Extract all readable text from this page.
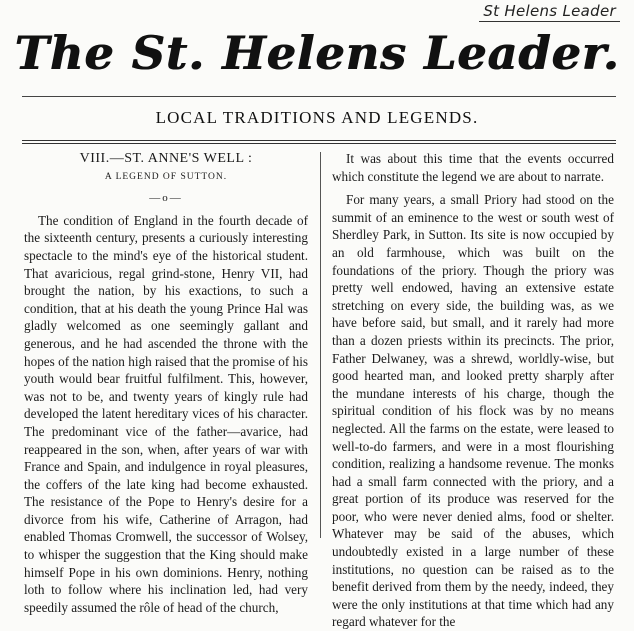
St Helens Leader
The St. Helens Leader.
LOCAL TRADITIONS AND LEGENDS.
VIII.—ST. ANNE'S WELL :
A LEGEND OF SUTTON.
—o—

The condition of England in the fourth decade of the sixteenth century, presents a curiously interesting spectacle to the mind's eye of the historical student. That avaricious, regal grind-stone, Henry VII, had brought the nation, by his exactions, to such a condition, that at his death the young Prince Hal was gladly welcomed as one seemingly gallant and generous, and he had ascended the throne with the hopes of the nation high raised that the promise of his youth would bear fruitful fulfilment. This, however, was not to be, and twenty years of kingly rule had developed the latent hereditary vices of his character. The predominant vice of the father—avarice, had reappeared in the son, when, after years of war with France and Spain, and indulgence in royal pleasures, the coffers of the late king had become exhausted. The resistance of the Pope to Henry's desire for a divorce from his wife, Catherine of Arragon, had enabled Thomas Cromwell, the successor of Wolsey, to whisper the suggestion that the King should make himself Pope in his own dominions. Henry, nothing loth to follow where his inclination led, had very speedily assumed the rôle of head of the church,

It was about this time that the events occurred which constitute the legend we are about to narrate.

For many years, a small Priory had stood on the summit of an eminence to the west or south west of Sherdley Park, in Sutton. Its site is now occupied by an old farmhouse, which was built on the foundations of the priory. Though the priory was pretty well endowed, having an extensive estate stretching on every side, the building was, as we have before said, but small, and it rarely had more than a dozen priests within its precincts. The prior, Father Delwaney, was a shrewd, worldly-wise, but good hearted man, and looked pretty sharply after the mundane interests of his charge, though the spiritual condition of his flock was by no means neglected. All the farms on the estate, were leased to well-to-do farmers, and were in a most flourishing condition, realizing a handsome revenue. The monks had a small farm connected with the priory, and a great portion of its produce was reserved for the poor, who were never denied alms, food or shelter. Whatever may be said of the abuses, which undoubtedly existed in a large number of these institutions, no question can be raised as to the benefit derived from them by the needy, indeed, they were the only institutions at that time which had any regard whatever for the
